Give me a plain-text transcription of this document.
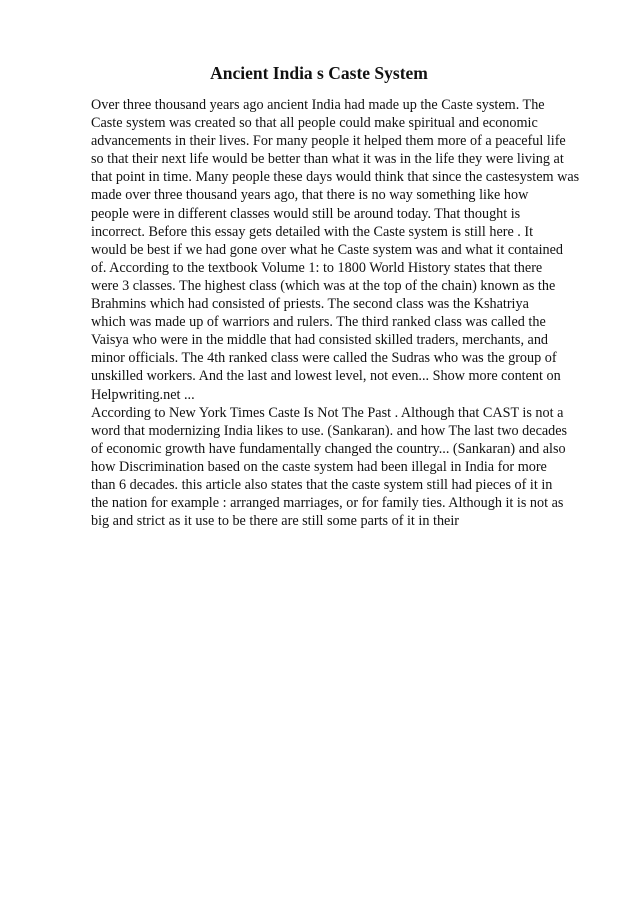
Ancient India s Caste System
Over three thousand years ago ancient India had made up the Caste system. The
Caste system was created so that all people could make spiritual and economic
advancements in their lives. For many people it helped them more of a peaceful life
so that their next life would be better than what it was in the life they were living at
that point in time. Many people these days would think that since the castesystem was
made over three thousand years ago, that there is no way something like how
people were in different classes would still be around today. That thought is
incorrect. Before this essay gets detailed with the Caste system is still here . It
would be best if we had gone over what he Caste system was and what it contained
of. According to the textbook Volume 1: to 1800 World History states that there
were 3 classes. The highest class (which was at the top of the chain) known as the
Brahmins which had consisted of priests. The second class was the Kshatriya
which was made up of warriors and rulers. The third ranked class was called the
Vaisya who were in the middle that had consisted skilled traders, merchants, and
minor officials. The 4th ranked class were called the Sudras who was the group of
unskilled workers. And the last and lowest level, not even... Show more content on
Helpwriting.net ...
According to New York Times Caste Is Not The Past . Although that CAST is not a
word that modernizing India likes to use. (Sankaran). and how The last two decades
of economic growth have fundamentally changed the country... (Sankaran) and also
how Discrimination based on the caste system had been illegal in India for more
than 6 decades. this article also states that the caste system still had pieces of it in
the nation for example : arranged marriages, or for family ties. Although it is not as
big and strict as it use to be there are still some parts of it in their
